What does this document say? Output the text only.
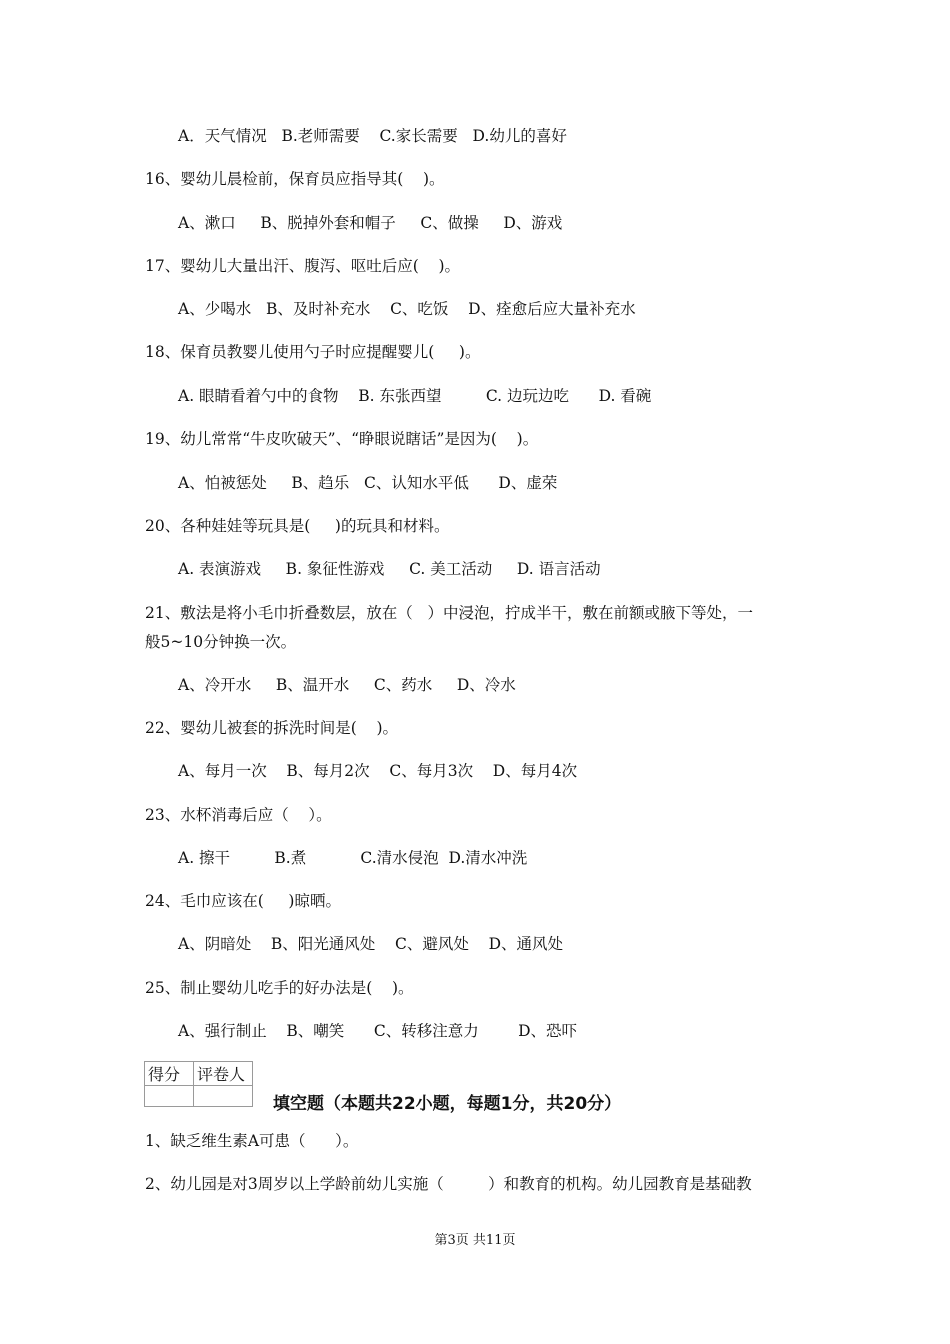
A．天气情况   B.老师需要    C.家长需要   D.幼儿的喜好
16、婴幼儿晨检前，保育员应指导其(    )。
A、漱口     B、脱掉外套和帽子     C、做操     D、游戏
17、婴幼儿大量出汗、腹泻、呕吐后应(    )。
A、少喝水   B、及时补充水    C、吃饭    D、痊愈后应大量补充水
18、保育员教婴儿使用勺子时应提醒婴儿(     )。
A. 眼睛看着勺中的食物    B. 东张西望         C. 边玩边吃      D. 看碗
19、幼儿常常“牛皮吹破天”、“睁眼说瞎话”是因为(    )。
A、怕被惩处     B、趋乐   C、认知水平低      D、虚荣
20、各种娃娃等玩具是(     )的玩具和材料。
A. 表演游戏     B. 象征性游戏     C. 美工活动     D. 语言活动
21、敷法是将小毛巾折叠数层，放在（   ）中浸泡，拧成半干，敷在前额或腋下等处，一
般5~10分钟换一次。
A、冷开水     B、温开水     C、药水     D、冷水
22、婴幼儿被套的拆洗时间是(    )。
A、每月一次    B、每月2次    C、每月3次    D、每月4次
23、水杯消毒后应（    ）。
A. 擦干         B.煮           C.清水侵泡  D.清水冲洗
24、毛巾应该在(     )晾晒。
A、阴暗处    B、阳光通风处    C、避风处    D、通风处
25、制止婴幼儿吃手的好办法是(    )。
A、强行制止    B、嘲笑      C、转移注意力        D、恐吓
得分	评卷人

填空题（本题共22小题，每题1分，共20分）
1、缺乏维生素A可患（      ）。
2、幼儿园是对3周岁以上学龄前幼儿实施（         ）和教育的机构。幼儿园教育是基础教
第3页 共11页
